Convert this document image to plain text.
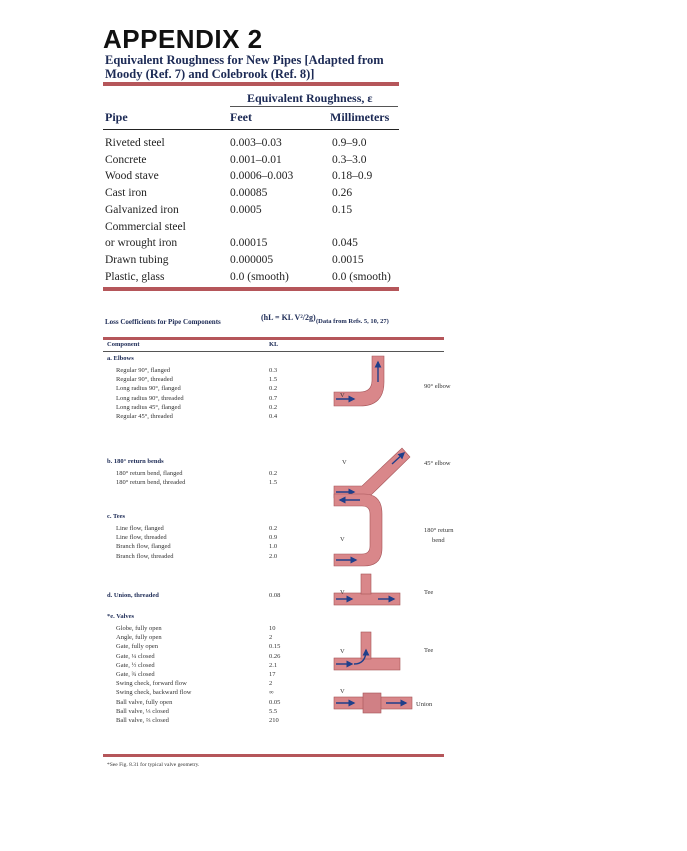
APPENDIX 2
Equivalent Roughness for New Pipes [Adapted from Moody (Ref. 7) and Colebrook (Ref. 8)]
Equivalent Roughness, ε
Pipe	Feet	Millimeters
Riveted steel	0.003–0.03	0.9–9.0
Concrete	0.001–0.01	0.3–3.0
Wood stave	0.0006–0.003	0.18–0.9
Cast iron	0.00085	0.26
Galvanized iron	0.0005	0.15
Commercial steel
or wrought iron	0.00015	0.045
Drawn tubing	0.000005	0.0015
Plastic, glass	0.0 (smooth)	0.0 (smooth)
Loss Coefficients for Pipe Components	(hL = KL V²/2g) (Data from Refs. 5, 10, 27)
Component	KL
a. Elbows
Regular 90°, flanged	0.3
Regular 90°, threaded	1.5
Long radius 90°, flanged	0.2
Long radius 90°, threaded	0.7
Long radius 45°, flanged	0.2
Regular 45°, threaded	0.4
b. 180° return bends
180° return bend, flanged	0.2
180° return bend, threaded	1.5
c. Tees
Line flow, flanged	0.2
Line flow, threaded	0.9
Branch flow, flanged	1.0
Branch flow, threaded	2.0
d. Union, threaded	0.08
*e. Valves
Globe, fully open	10
Angle, fully open	2
Gate, fully open	0.15
Gate, ¼ closed	0.26
Gate, ½ closed	2.1
Gate, ¾ closed	17
Swing check, forward flow	2
Swing check, backward flow	∞
Ball valve, fully open	0.05
Ball valve, ⅓ closed	5.5
Ball valve, ⅔ closed	210
*See Fig. 8.31 for typical valve geometry.
90° elbow
45° elbow
180° return
bend
Tee
Tee
Union
V
V
V
V
V
V
